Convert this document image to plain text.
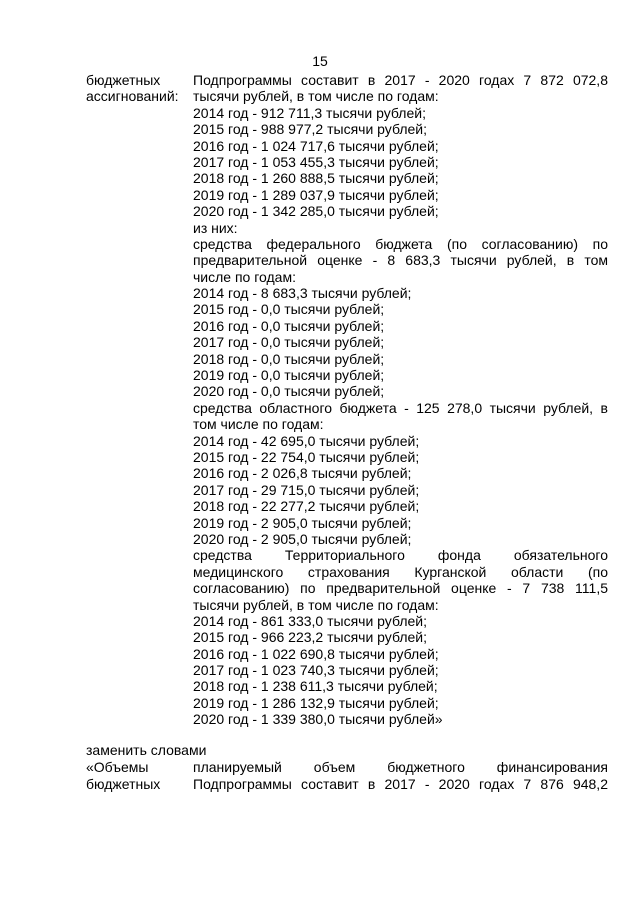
15
бюджетных
ассигнований:
Подпрограммы составит в 2017 - 2020 годах 7 872 072,8
тысячи рублей, в том числе по годам:
2014 год - 912 711,3 тысячи рублей;
2015 год - 988 977,2 тысячи рублей;
2016 год - 1 024 717,6 тысячи рублей;
2017 год - 1 053 455,3 тысячи рублей;
2018 год - 1 260 888,5 тысячи рублей;
2019 год - 1 289 037,9 тысячи рублей;
2020 год - 1 342 285,0 тысячи рублей;
из них:
средства федерального бюджета (по согласованию) по
предварительной оценке - 8 683,3 тысячи рублей, в том
числе по годам:
2014 год - 8 683,3 тысячи рублей;
2015 год - 0,0 тысячи рублей;
2016 год - 0,0 тысячи рублей;
2017 год - 0,0 тысячи рублей;
2018 год - 0,0 тысячи рублей;
2019 год - 0,0 тысячи рублей;
2020 год - 0,0 тысячи рублей;
средства областного бюджета - 125 278,0 тысячи рублей, в
том числе по годам:
2014 год - 42 695,0 тысячи рублей;
2015 год - 22 754,0 тысячи рублей;
2016 год - 2 026,8 тысячи рублей;
2017 год - 29 715,0 тысячи рублей;
2018 год - 22 277,2 тысячи рублей;
2019 год - 2 905,0 тысячи рублей;
2020 год - 2 905,0 тысячи рублей;
средства Территориального фонда обязательного
медицинского страхования Курганской области (по
согласованию) по предварительной оценке - 7 738 111,5
тысячи рублей, в том числе по годам:
2014 год - 861 333,0 тысячи рублей;
2015 год - 966 223,2 тысячи рублей;
2016 год - 1 022 690,8 тысячи рублей;
2017 год - 1 023 740,3 тысячи рублей;
2018 год - 1 238 611,3 тысячи рублей;
2019 год - 1 286 132,9 тысячи рублей;
2020 год - 1 339 380,0 тысячи рублей»
заменить словами
«Объемы	планируемый объем бюджетного финансирования
бюджетных	Подпрограммы составит в 2017 - 2020 годах 7 876 948,2
